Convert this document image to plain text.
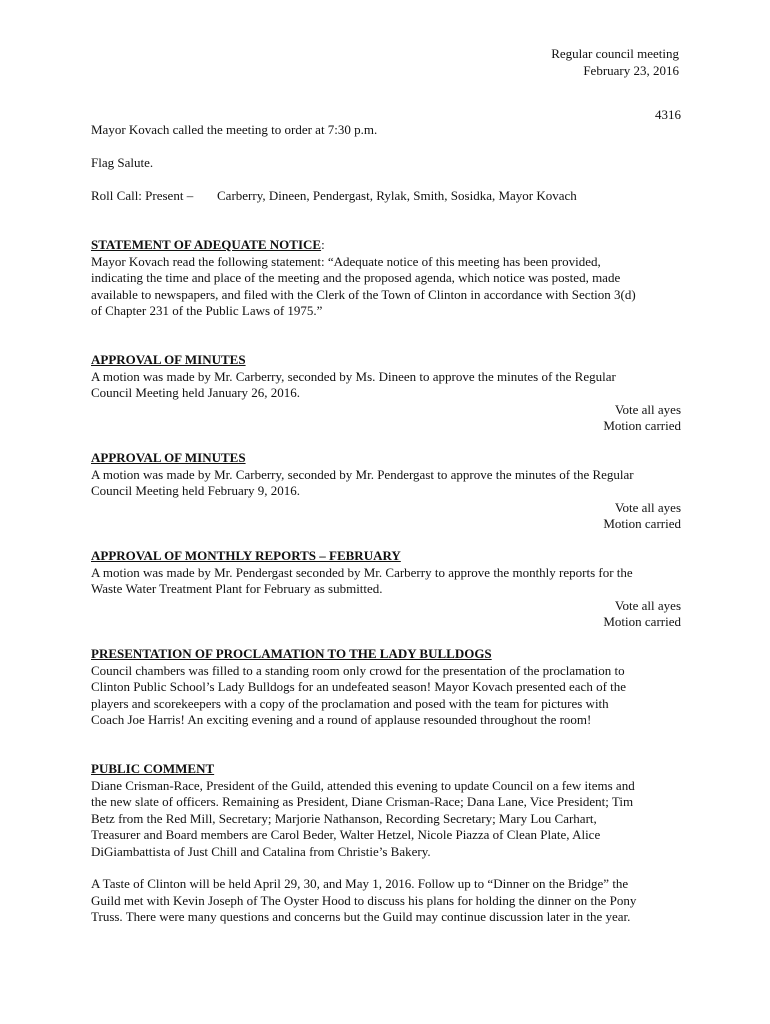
Regular council meeting
February 23, 2016
4316
Mayor Kovach called the meeting to order at 7:30 p.m.
Flag Salute.
Roll Call: Present – Carberry, Dineen, Pendergast, Rylak, Smith, Sosidka, Mayor Kovach
STATEMENT OF ADEQUATE NOTICE:
Mayor Kovach read the following statement: “Adequate notice of this meeting has been provided,
indicating the time and place of the meeting and the proposed agenda, which notice was posted, made
available to newspapers, and filed with the Clerk of the Town of Clinton in accordance with Section 3(d)
of Chapter 231 of the Public Laws of 1975.”
APPROVAL OF MINUTES
A motion was made by Mr. Carberry, seconded by Ms. Dineen to approve the minutes of the Regular
Council Meeting held January 26, 2016.
Vote all ayes
Motion carried
APPROVAL OF MINUTES
A motion was made by Mr. Carberry, seconded by Mr. Pendergast to approve the minutes of the Regular
Council Meeting held February 9, 2016.
Vote all ayes
Motion carried
APPROVAL OF MONTHLY REPORTS – FEBRUARY
A motion was made by Mr. Pendergast seconded by Mr. Carberry to approve the monthly reports for the
Waste Water Treatment Plant for February as submitted.
Vote all ayes
Motion carried
PRESENTATION OF PROCLAMATION TO THE LADY BULLDOGS
Council chambers was filled to a standing room only crowd for the presentation of the proclamation to
Clinton Public School’s Lady Bulldogs for an undefeated season! Mayor Kovach presented each of the
players and scorekeepers with a copy of the proclamation and posed with the team for pictures with
Coach Joe Harris! An exciting evening and a round of applause resounded throughout the room!
PUBLIC COMMENT
Diane Crisman-Race, President of the Guild, attended this evening to update Council on a few items and
the new slate of officers. Remaining as President, Diane Crisman-Race; Dana Lane, Vice President; Tim
Betz from the Red Mill, Secretary; Marjorie Nathanson, Recording Secretary; Mary Lou Carhart,
Treasurer and Board members are Carol Beder, Walter Hetzel, Nicole Piazza of Clean Plate, Alice
DiGiambattista of Just Chill and Catalina from Christie’s Bakery.
A Taste of Clinton will be held April 29, 30, and May 1, 2016. Follow up to “Dinner on the Bridge” the
Guild met with Kevin Joseph of The Oyster Hood to discuss his plans for holding the dinner on the Pony
Truss. There were many questions and concerns but the Guild may continue discussion later in the year.
